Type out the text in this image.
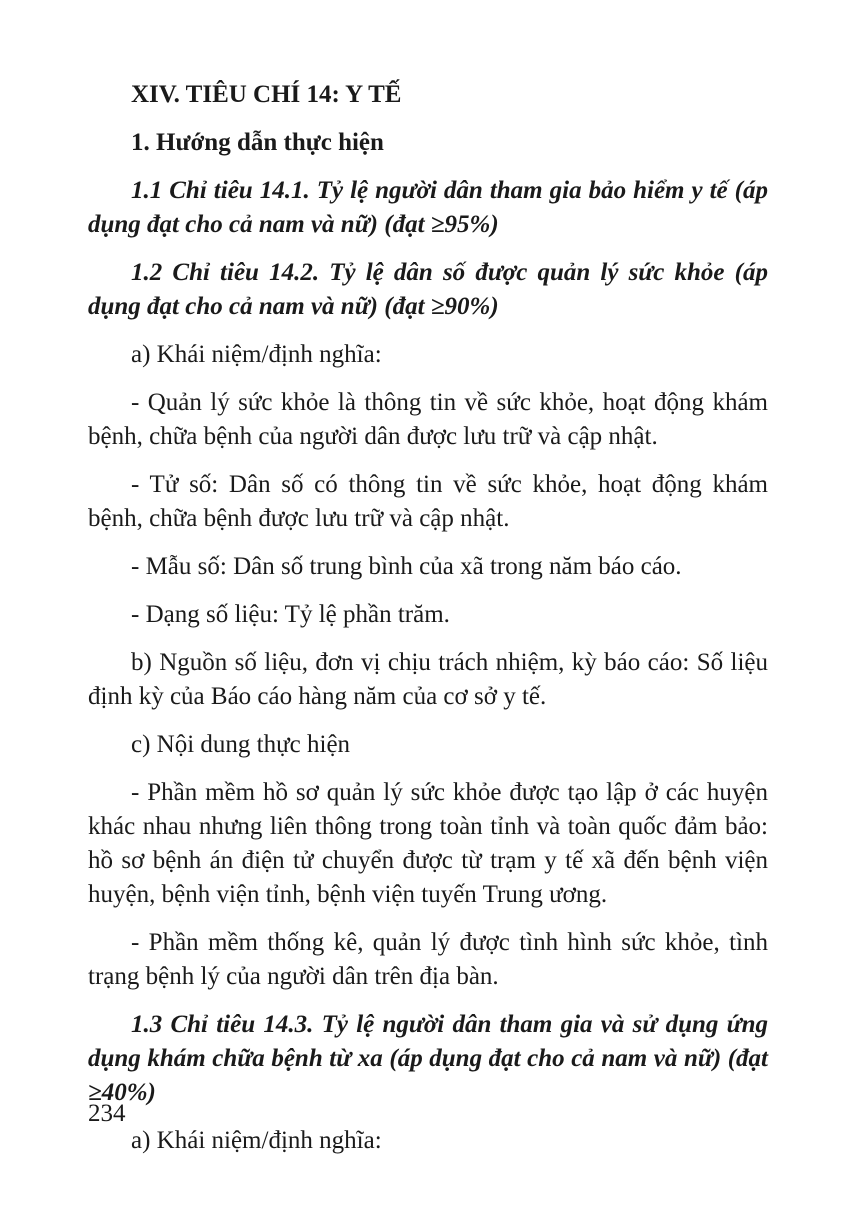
XIV. TIÊU CHÍ 14: Y TẾ

1. Hướng dẫn thực hiện

1.1 Chỉ tiêu 14.1. Tỷ lệ người dân tham gia bảo hiểm y tế (áp dụng đạt cho cả nam và nữ) (đạt ≥95%)

1.2 Chỉ tiêu 14.2. Tỷ lệ dân số được quản lý sức khỏe (áp dụng đạt cho cả nam và nữ) (đạt ≥90%)

a) Khái niệm/định nghĩa:

- Quản lý sức khỏe là thông tin về sức khỏe, hoạt động khám bệnh, chữa bệnh của người dân được lưu trữ và cập nhật.

- Tử số: Dân số có thông tin về sức khỏe, hoạt động khám bệnh, chữa bệnh được lưu trữ và cập nhật.

- Mẫu số: Dân số trung bình của xã trong năm báo cáo.

- Dạng số liệu: Tỷ lệ phần trăm.

b) Nguồn số liệu, đơn vị chịu trách nhiệm, kỳ báo cáo: Số liệu định kỳ của Báo cáo hàng năm của cơ sở y tế.

c) Nội dung thực hiện

- Phần mềm hồ sơ quản lý sức khỏe được tạo lập ở các huyện khác nhau nhưng liên thông trong toàn tỉnh và toàn quốc đảm bảo: hồ sơ bệnh án điện tử chuyển được từ trạm y tế xã đến bệnh viện huyện, bệnh viện tỉnh, bệnh viện tuyến Trung ương.

- Phần mềm thống kê, quản lý được tình hình sức khỏe, tình trạng bệnh lý của người dân trên địa bàn.

1.3 Chỉ tiêu 14.3. Tỷ lệ người dân tham gia và sử dụng ứng dụng khám chữa bệnh từ xa (áp dụng đạt cho cả nam và nữ) (đạt ≥40%)

a) Khái niệm/định nghĩa:

234
